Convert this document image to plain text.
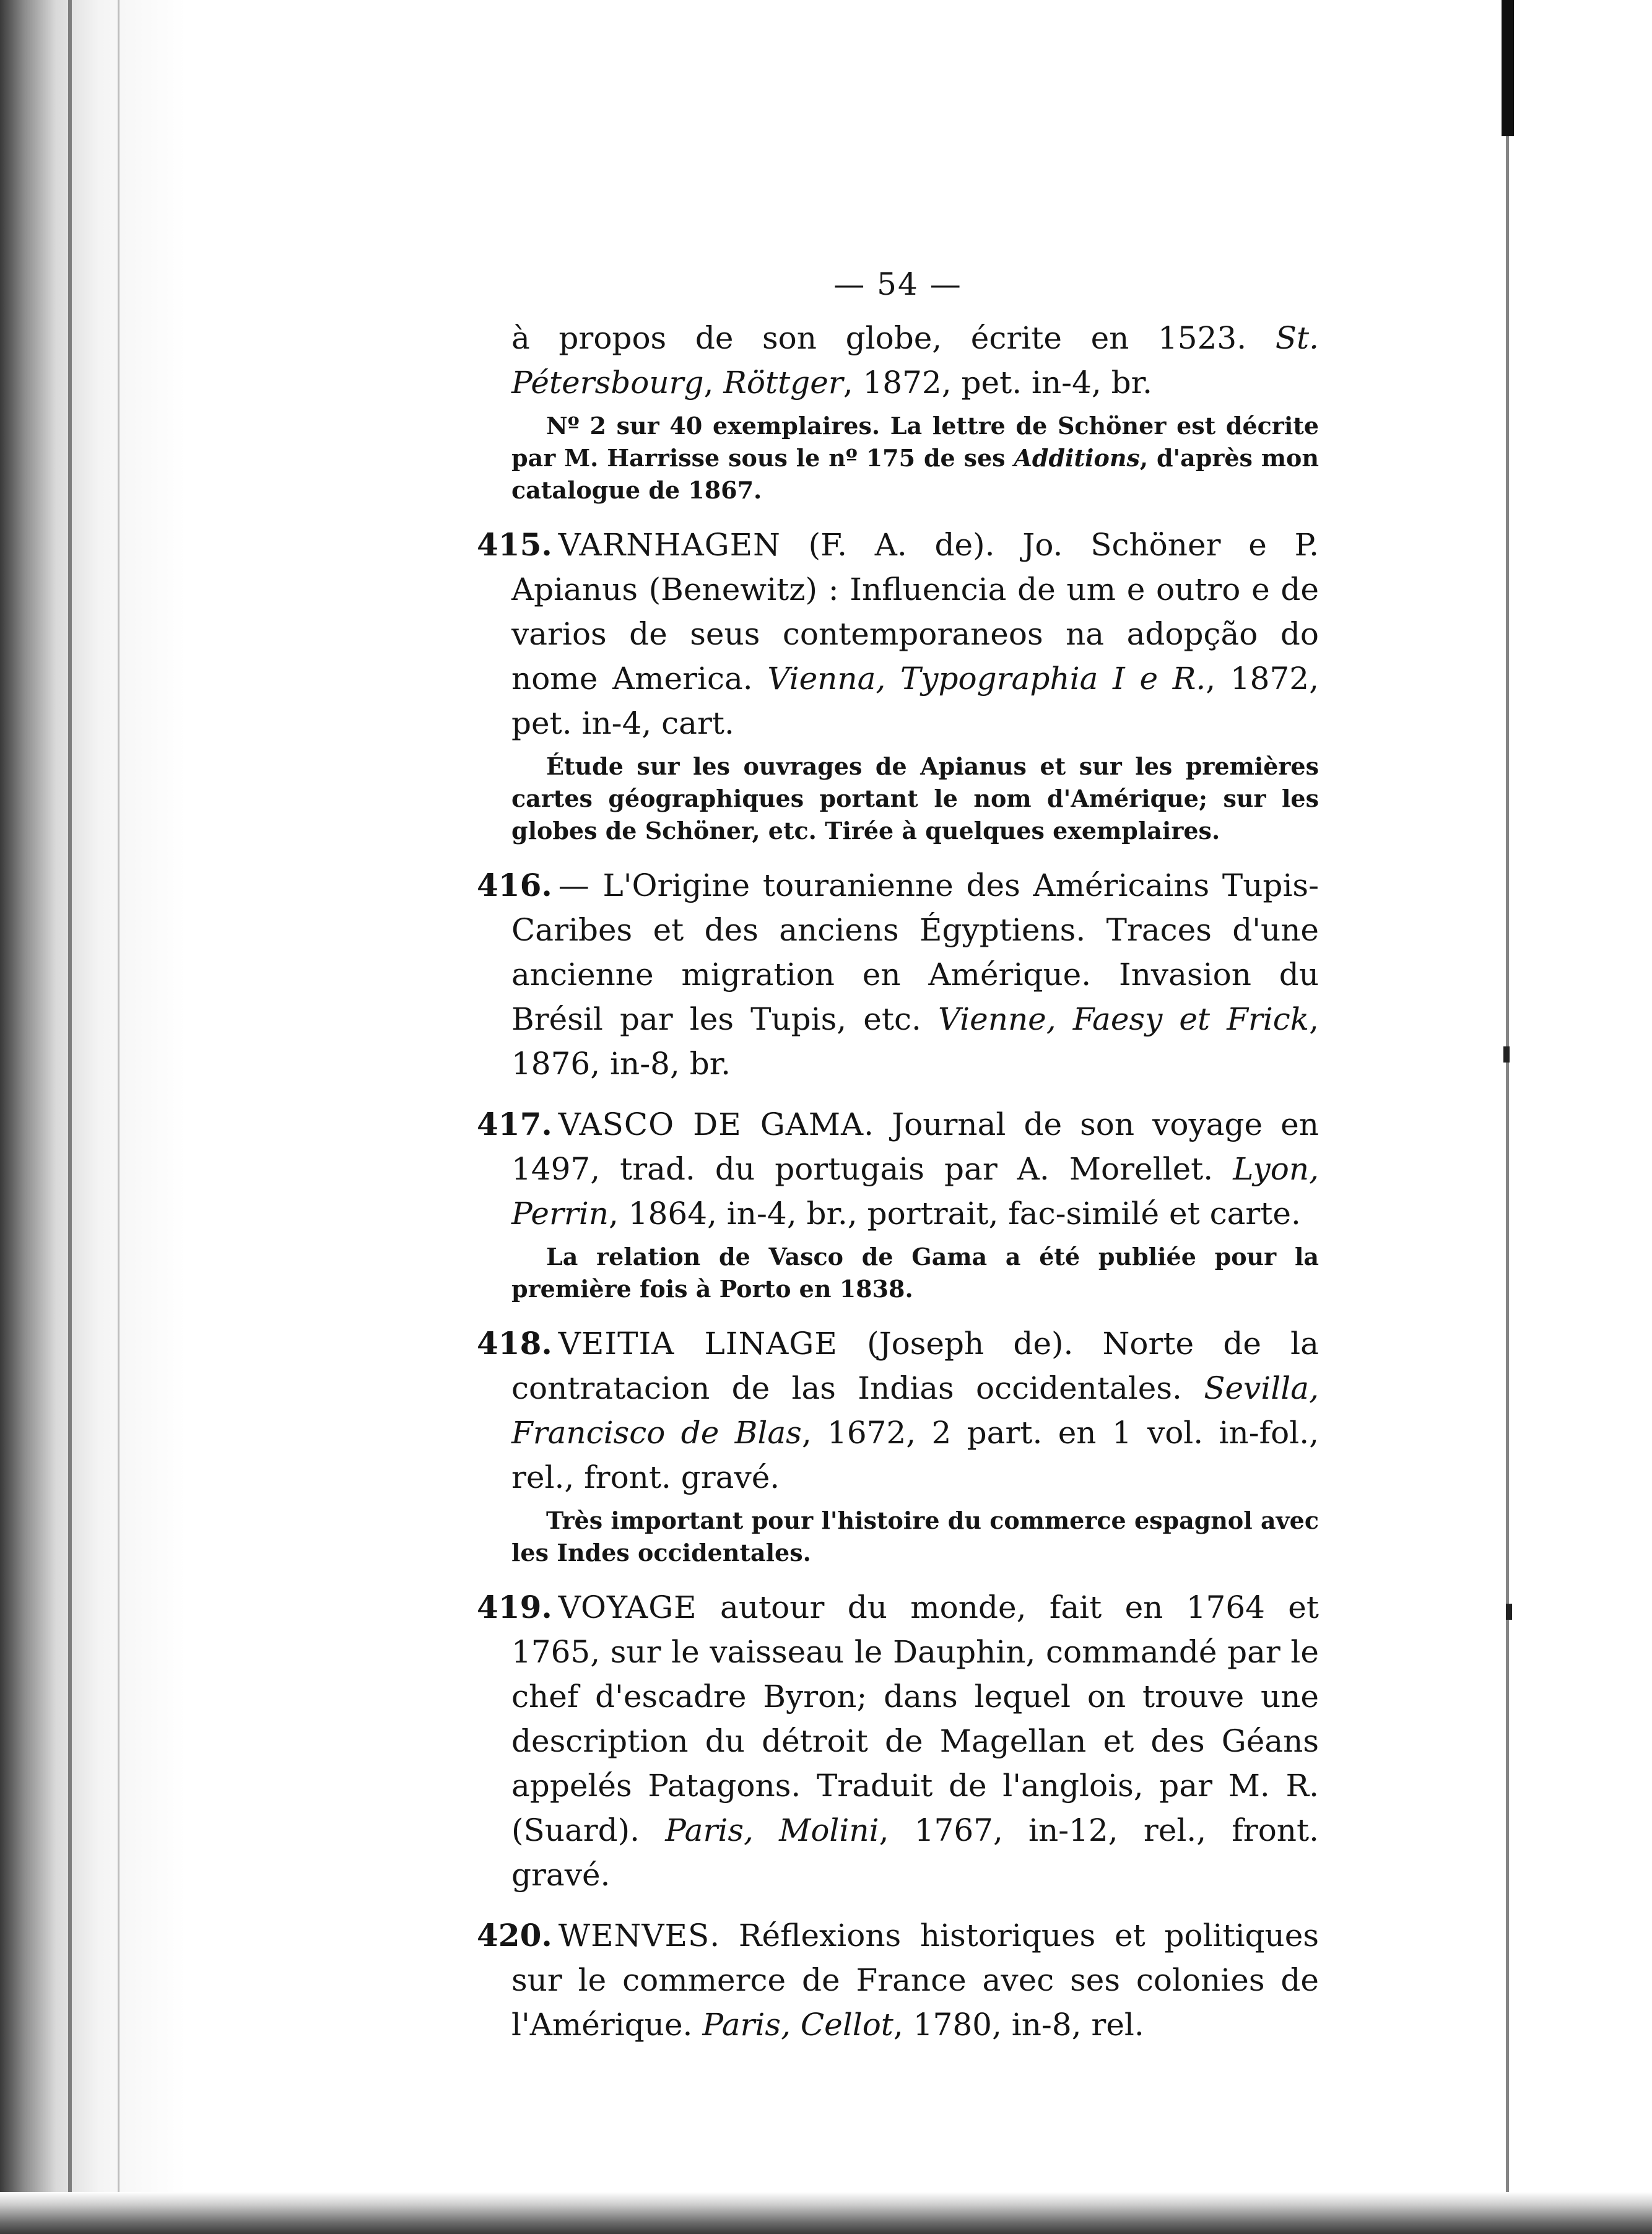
— 54 —
à propos de son globe, écrite en 1523. St. Pétersbourg, Röttger, 1872, pet. in-4, br.
Nº 2 sur 40 exemplaires. La lettre de Schöner est décrite par M. Harrisse sous le nº 175 de ses Additions, d'après mon catalogue de 1867.
415. VARNHAGEN (F. A. de). Jo. Schöner e P. Apianus (Benewitz) : Influencia de um e outro e de varios de seus contemporaneos na adopção do nome America. Vienna, Typographia I e R., 1872, pet. in-4, cart.
Étude sur les ouvrages de Apianus et sur les premières cartes géographiques portant le nom d'Amérique; sur les globes de Schöner, etc. Tirée à quelques exemplaires.
416. — L'Origine touranienne des Américains Tupis-Caribes et des anciens Égyptiens. Traces d'une ancienne migration en Amérique. Invasion du Brésil par les Tupis, etc. Vienne, Faesy et Frick, 1876, in-8, br.
417. VASCO DE GAMA. Journal de son voyage en 1497, trad. du portugais par A. Morellet. Lyon, Perrin, 1864, in-4, br., portrait, fac-similé et carte.
La relation de Vasco de Gama a été publiée pour la première fois à Porto en 1838.
418. VEITIA LINAGE (Joseph de). Norte de la contratacion de las Indias occidentales. Sevilla, Francisco de Blas, 1672, 2 part. en 1 vol. in-fol., rel., front. gravé.
Très important pour l'histoire du commerce espagnol avec les Indes occidentales.
419. VOYAGE autour du monde, fait en 1764 et 1765, sur le vaisseau le Dauphin, commandé par le chef d'escadre Byron; dans lequel on trouve une description du détroit de Magellan et des Géans appelés Patagons. Traduit de l'anglois, par M. R. (Suard). Paris, Molini, 1767, in-12, rel., front. gravé.
420. WENVES. Réflexions historiques et politiques sur le commerce de France avec ses colonies de l'Amérique. Paris, Cellot, 1780, in-8, rel.
